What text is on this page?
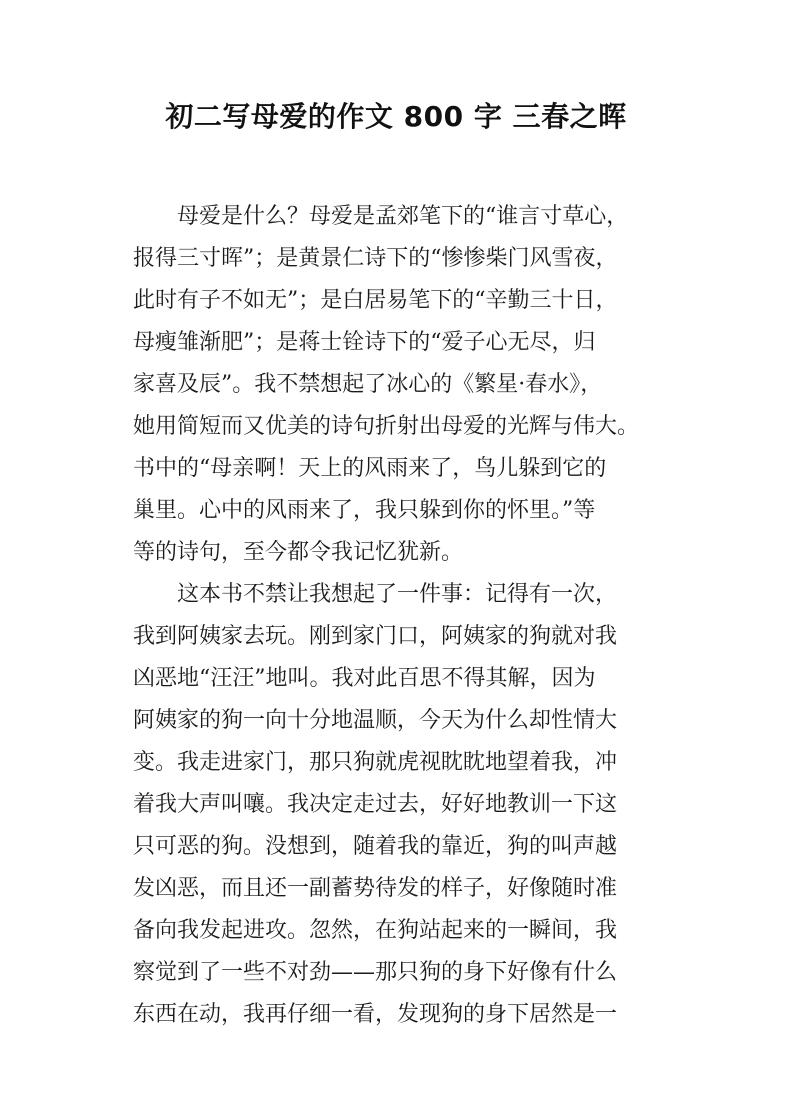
初二写母爱的作文 800 字 三春之晖
母爱是什么？母爱是孟郊笔下的“谁言寸草心，
报得三寸晖”；是黄景仁诗下的“惨惨柴门风雪夜，
此时有子不如无”；是白居易笔下的“辛勤三十日，
母瘦雏渐肥”；是蒋士铨诗下的“爱子心无尽，归
家喜及辰”。我不禁想起了冰心的《繁星·春水》，
她用简短而又优美的诗句折射出母爱的光辉与伟大。
书中的“母亲啊！天上的风雨来了，鸟儿躲到它的
巢里。心中的风雨来了，我只躲到你的怀里。”等
等的诗句，至今都令我记忆犹新。
这本书不禁让我想起了一件事：记得有一次，
我到阿姨家去玩。刚到家门口，阿姨家的狗就对我
凶恶地“汪汪”地叫。我对此百思不得其解，因为
阿姨家的狗一向十分地温顺，今天为什么却性情大
变。我走进家门，那只狗就虎视眈眈地望着我，冲
着我大声叫嚷。我决定走过去，好好地教训一下这
只可恶的狗。没想到，随着我的靠近，狗的叫声越
发凶恶，而且还一副蓄势待发的样子，好像随时准
备向我发起进攻。忽然，在狗站起来的一瞬间，我
察觉到了一些不对劲——那只狗的身下好像有什么
东西在动，我再仔细一看，发现狗的身下居然是一
